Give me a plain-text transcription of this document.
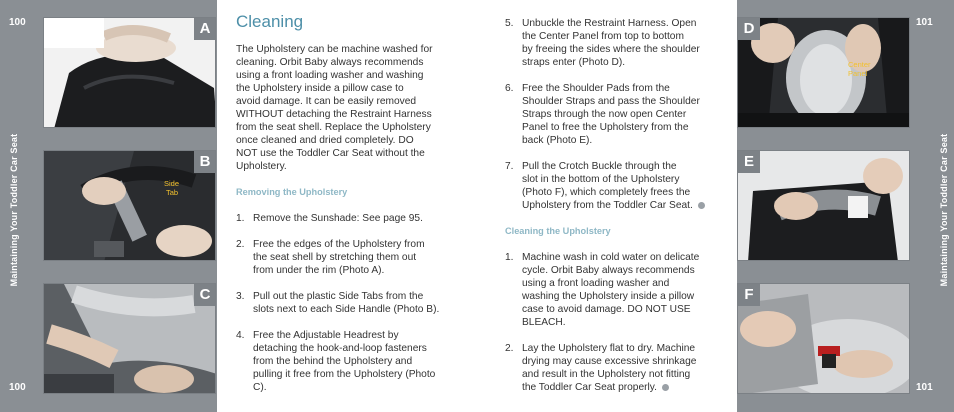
100
100
Maintaining Your Toddler Car Seat
A
Side
Tab
B
C
101
101
Maintaining Your Toddler Car Seat
Center
Panel
D
E
F
Cleaning
The Upholstery can be machine washed for
cleaning. Orbit Baby always recommends
using a front loading washer and washing
the Upholstery inside a pillow case to
avoid damage. It can be easily removed
WITHOUT detaching the Restraint Harness
from the seat shell. Replace the Upholstery
once cleaned and dried completely. DO
NOT use the Toddler Car Seat without the
Upholstery.
Removing the Upholstery
Cleaning the Upholstery
1. Remove the Sunshade: See page 95.
2. Free the edges of the Upholstery from
the seat shell by stretching them out
from under the rim (Photo A).
3. Pull out the plastic Side Tabs from the
slots next to each Side Handle (Photo B).
4. Free the Adjustable Headrest by
detaching the hook-and-loop fasteners
from the behind the Upholstery and
pulling it free from the Upholstery (Photo
C).
5. Unbuckle the Restraint Harness. Open
the Center Panel from top to bottom
by freeing the sides where the shoulder
straps enter (Photo D).
6. Free the Shoulder Pads from the
Shoulder Straps and pass the Shoulder
Straps through the now open Center
Panel to free the Upholstery from the
back (Photo E).
7. Pull the Crotch Buckle through the
slot in the bottom of the Upholstery
(Photo F), which completely frees the
Upholstery from the Toddler Car Seat.
1. Machine wash in cold water on delicate
cycle. Orbit Baby always recommends
using a front loading washer and
washing the Upholstery inside a pillow
case to avoid damage. DO NOT USE
BLEACH.
2. Lay the Upholstery flat to dry. Machine
drying may cause excessive shrinkage
and result in the Upholstery not fitting
the Toddler Car Seat properly.
